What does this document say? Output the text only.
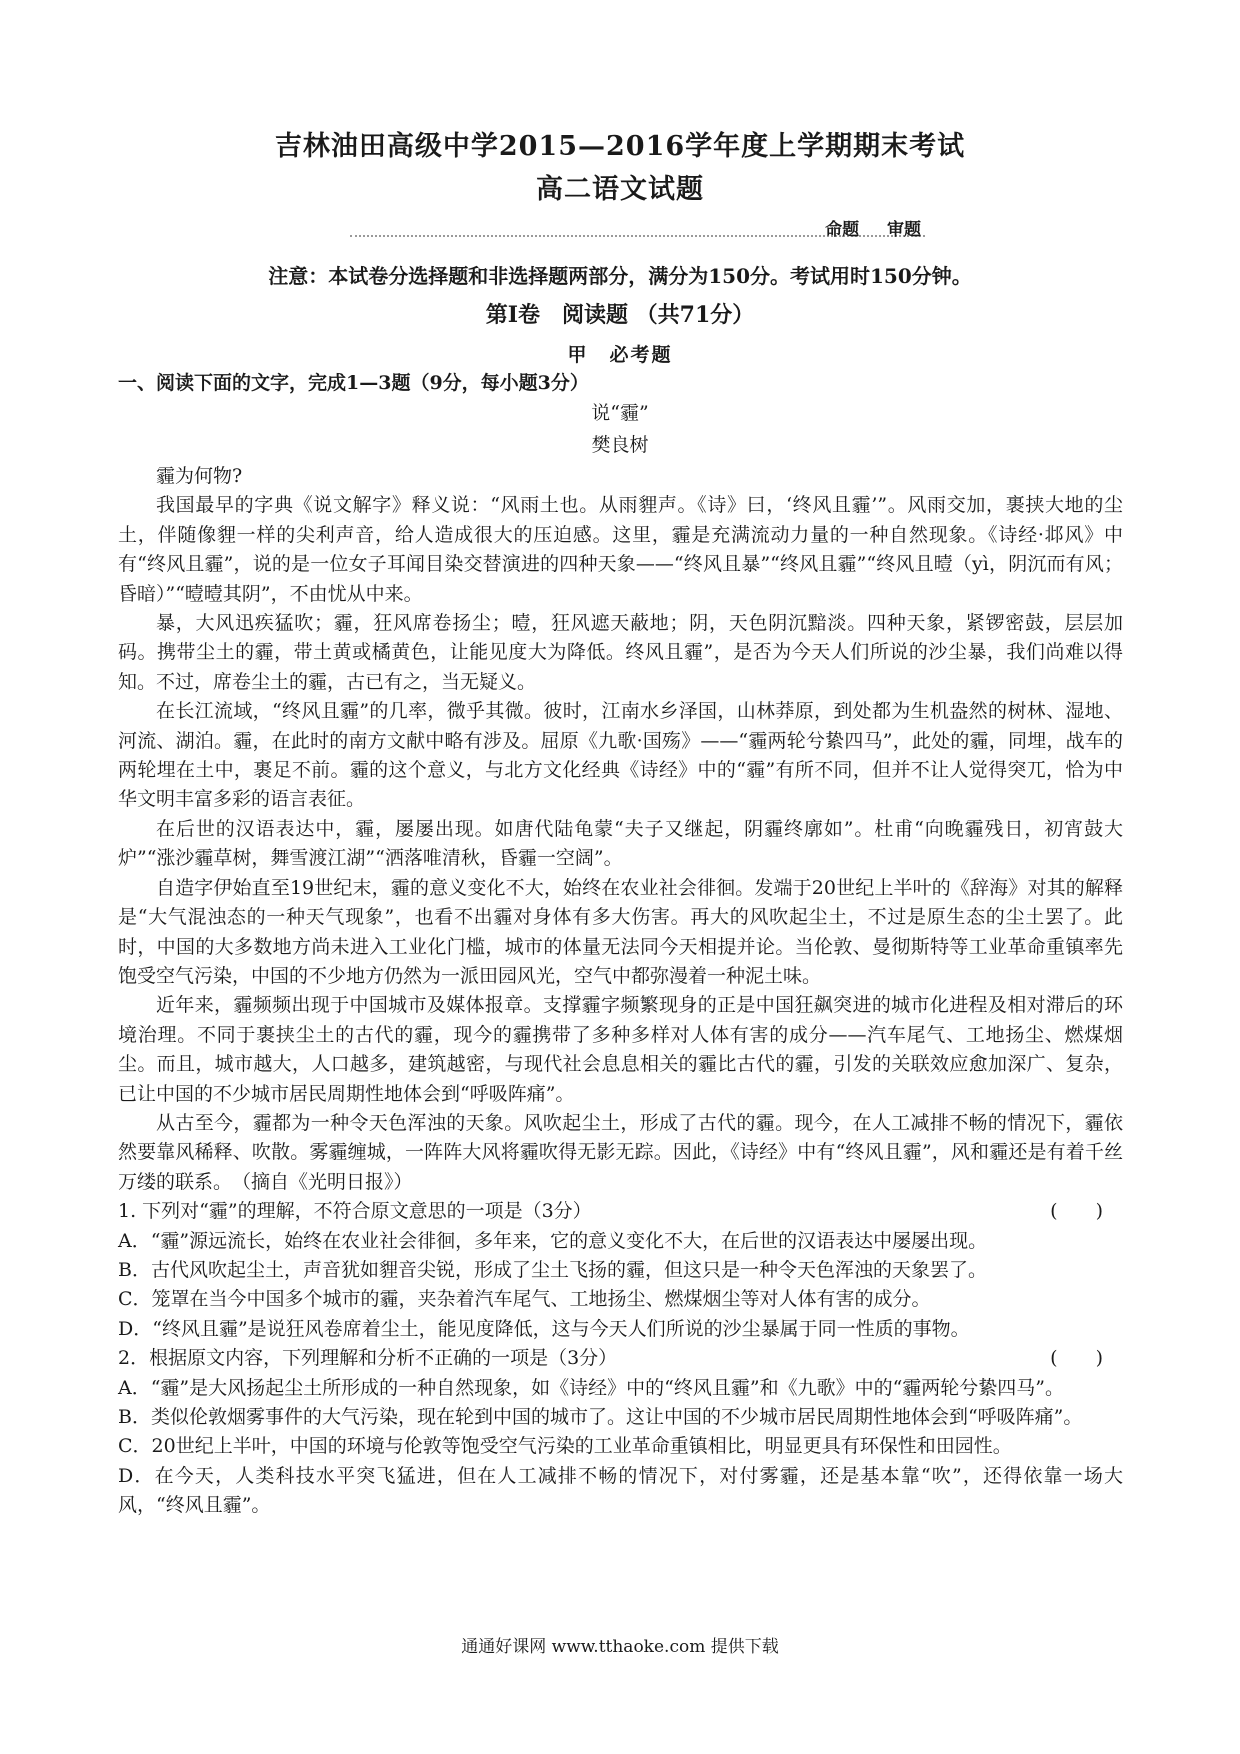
吉林油田高级中学2015—2016学年度上学期期末考试
高二语文试题
命题 审题
注意：本试卷分选择题和非选择题两部分，满分为150分。考试用时150分钟。
第Ⅰ卷　阅读题 （共71分）
甲　必考题
一、阅读下面的文字，完成1—3题（9分，每小题3分）
说“霾”
樊良树

霾为何物?

我国最早的字典《说文解字》释义说：“风雨土也。从雨貍声。《诗》曰，‘终风且霾’”。风雨交加，裹挟大地的尘土，伴随像貍一样的尖利声音，给人造成很大的压迫感。这里，霾是充满流动力量的一种自然现象。《诗经·邶风》中有“终风且霾”，说的是一位女子耳闻目染交替演进的四种天象——“终风且暴”“终风且霾”“终风且曀（yì，阴沉而有风；昏暗）”“曀曀其阴”，不由忧从中来。

暴，大风迅疾猛吹；霾，狂风席卷扬尘；曀，狂风遮天蔽地；阴，天色阴沉黯淡。四种天象，紧锣密鼓，层层加码。携带尘土的霾，带土黄或橘黄色，让能见度大为降低。终风且霾”，是否为今天人们所说的沙尘暴，我们尚难以得知。不过，席卷尘土的霾，古已有之，当无疑义。

在长江流域，“终风且霾”的几率，微乎其微。彼时，江南水乡泽国，山林莽原，到处都为生机盎然的树林、湿地、河流、湖泊。霾，在此时的南方文献中略有涉及。屈原《九歌·国殇》——“霾两轮兮絷四马”，此处的霾，同埋，战车的两轮埋在土中，裹足不前。霾的这个意义，与北方文化经典《诗经》中的“霾”有所不同，但并不让人觉得突兀，恰为中华文明丰富多彩的语言表征。

在后世的汉语表达中，霾，屡屡出现。如唐代陆龟蒙“夫子又继起，阴霾终廓如”。杜甫“向晚霾残日，初宵鼓大炉”“涨沙霾草树，舞雪渡江湖”“洒落唯清秋，昏霾一空阔”。

自造字伊始直至19世纪末，霾的意义变化不大，始终在农业社会徘徊。发端于20世纪上半叶的《辞海》对其的解释是“大气混浊态的一种天气现象”，也看不出霾对身体有多大伤害。再大的风吹起尘土，不过是原生态的尘土罢了。此时，中国的大多数地方尚未进入工业化门槛，城市的体量无法同今天相提并论。当伦敦、曼彻斯特等工业革命重镇率先饱受空气污染，中国的不少地方仍然为一派田园风光，空气中都弥漫着一种泥土味。

近年来，霾频频出现于中国城市及媒体报章。支撑霾字频繁现身的正是中国狂飙突进的城市化进程及相对滞后的环境治理。不同于裹挟尘土的古代的霾，现今的霾携带了多种多样对人体有害的成分——汽车尾气、工地扬尘、燃煤烟尘。而且，城市越大，人口越多，建筑越密，与现代社会息息相关的霾比古代的霾，引发的关联效应愈加深广、复杂，已让中国的不少城市居民周期性地体会到“呼吸阵痛”。

从古至今，霾都为一种令天色浑浊的天象。风吹起尘土，形成了古代的霾。现今，在人工减排不畅的情况下，霾依然要靠风稀释、吹散。雾霾缠城，一阵阵大风将霾吹得无影无踪。因此，《诗经》中有“终风且霾”，风和霾还是有着千丝万缕的联系。　（摘自《光明日报》）

1. 下列对“霾”的理解，不符合原文意思的一项是（3分）	(　　)

A．“霾”源远流长，始终在农业社会徘徊，多年来，它的意义变化不大，在后世的汉语表达中屡屡出现。

B．古代风吹起尘土，声音犹如貍音尖锐，形成了尘土飞扬的霾，但这只是一种令天色浑浊的天象罢了。

C．笼罩在当今中国多个城市的霾，夹杂着汽车尾气、工地扬尘、燃煤烟尘等对人体有害的成分。

D．“终风且霾”是说狂风卷席着尘土，能见度降低，这与今天人们所说的沙尘暴属于同一性质的事物。

2．根据原文内容，下列理解和分析不正确的一项是（3分）	(　　)

A．“霾”是大风扬起尘土所形成的一种自然现象，如《诗经》中的“终风且霾”和《九歌》中的“霾两轮兮絷四马”。

B．类似伦敦烟雾事件的大气污染，现在轮到中国的城市了。这让中国的不少城市居民周期性地体会到“呼吸阵痛”。

C．20世纪上半叶，中国的环境与伦敦等饱受空气污染的工业革命重镇相比，明显更具有环保性和田园性。

D．在今天，人类科技水平突飞猛进，但在人工减排不畅的情况下，对付雾霾，还是基本靠“吹”，还得依靠一场大风，“终风且霾”。

通通好课网 www.tthaoke.com 提供下载
